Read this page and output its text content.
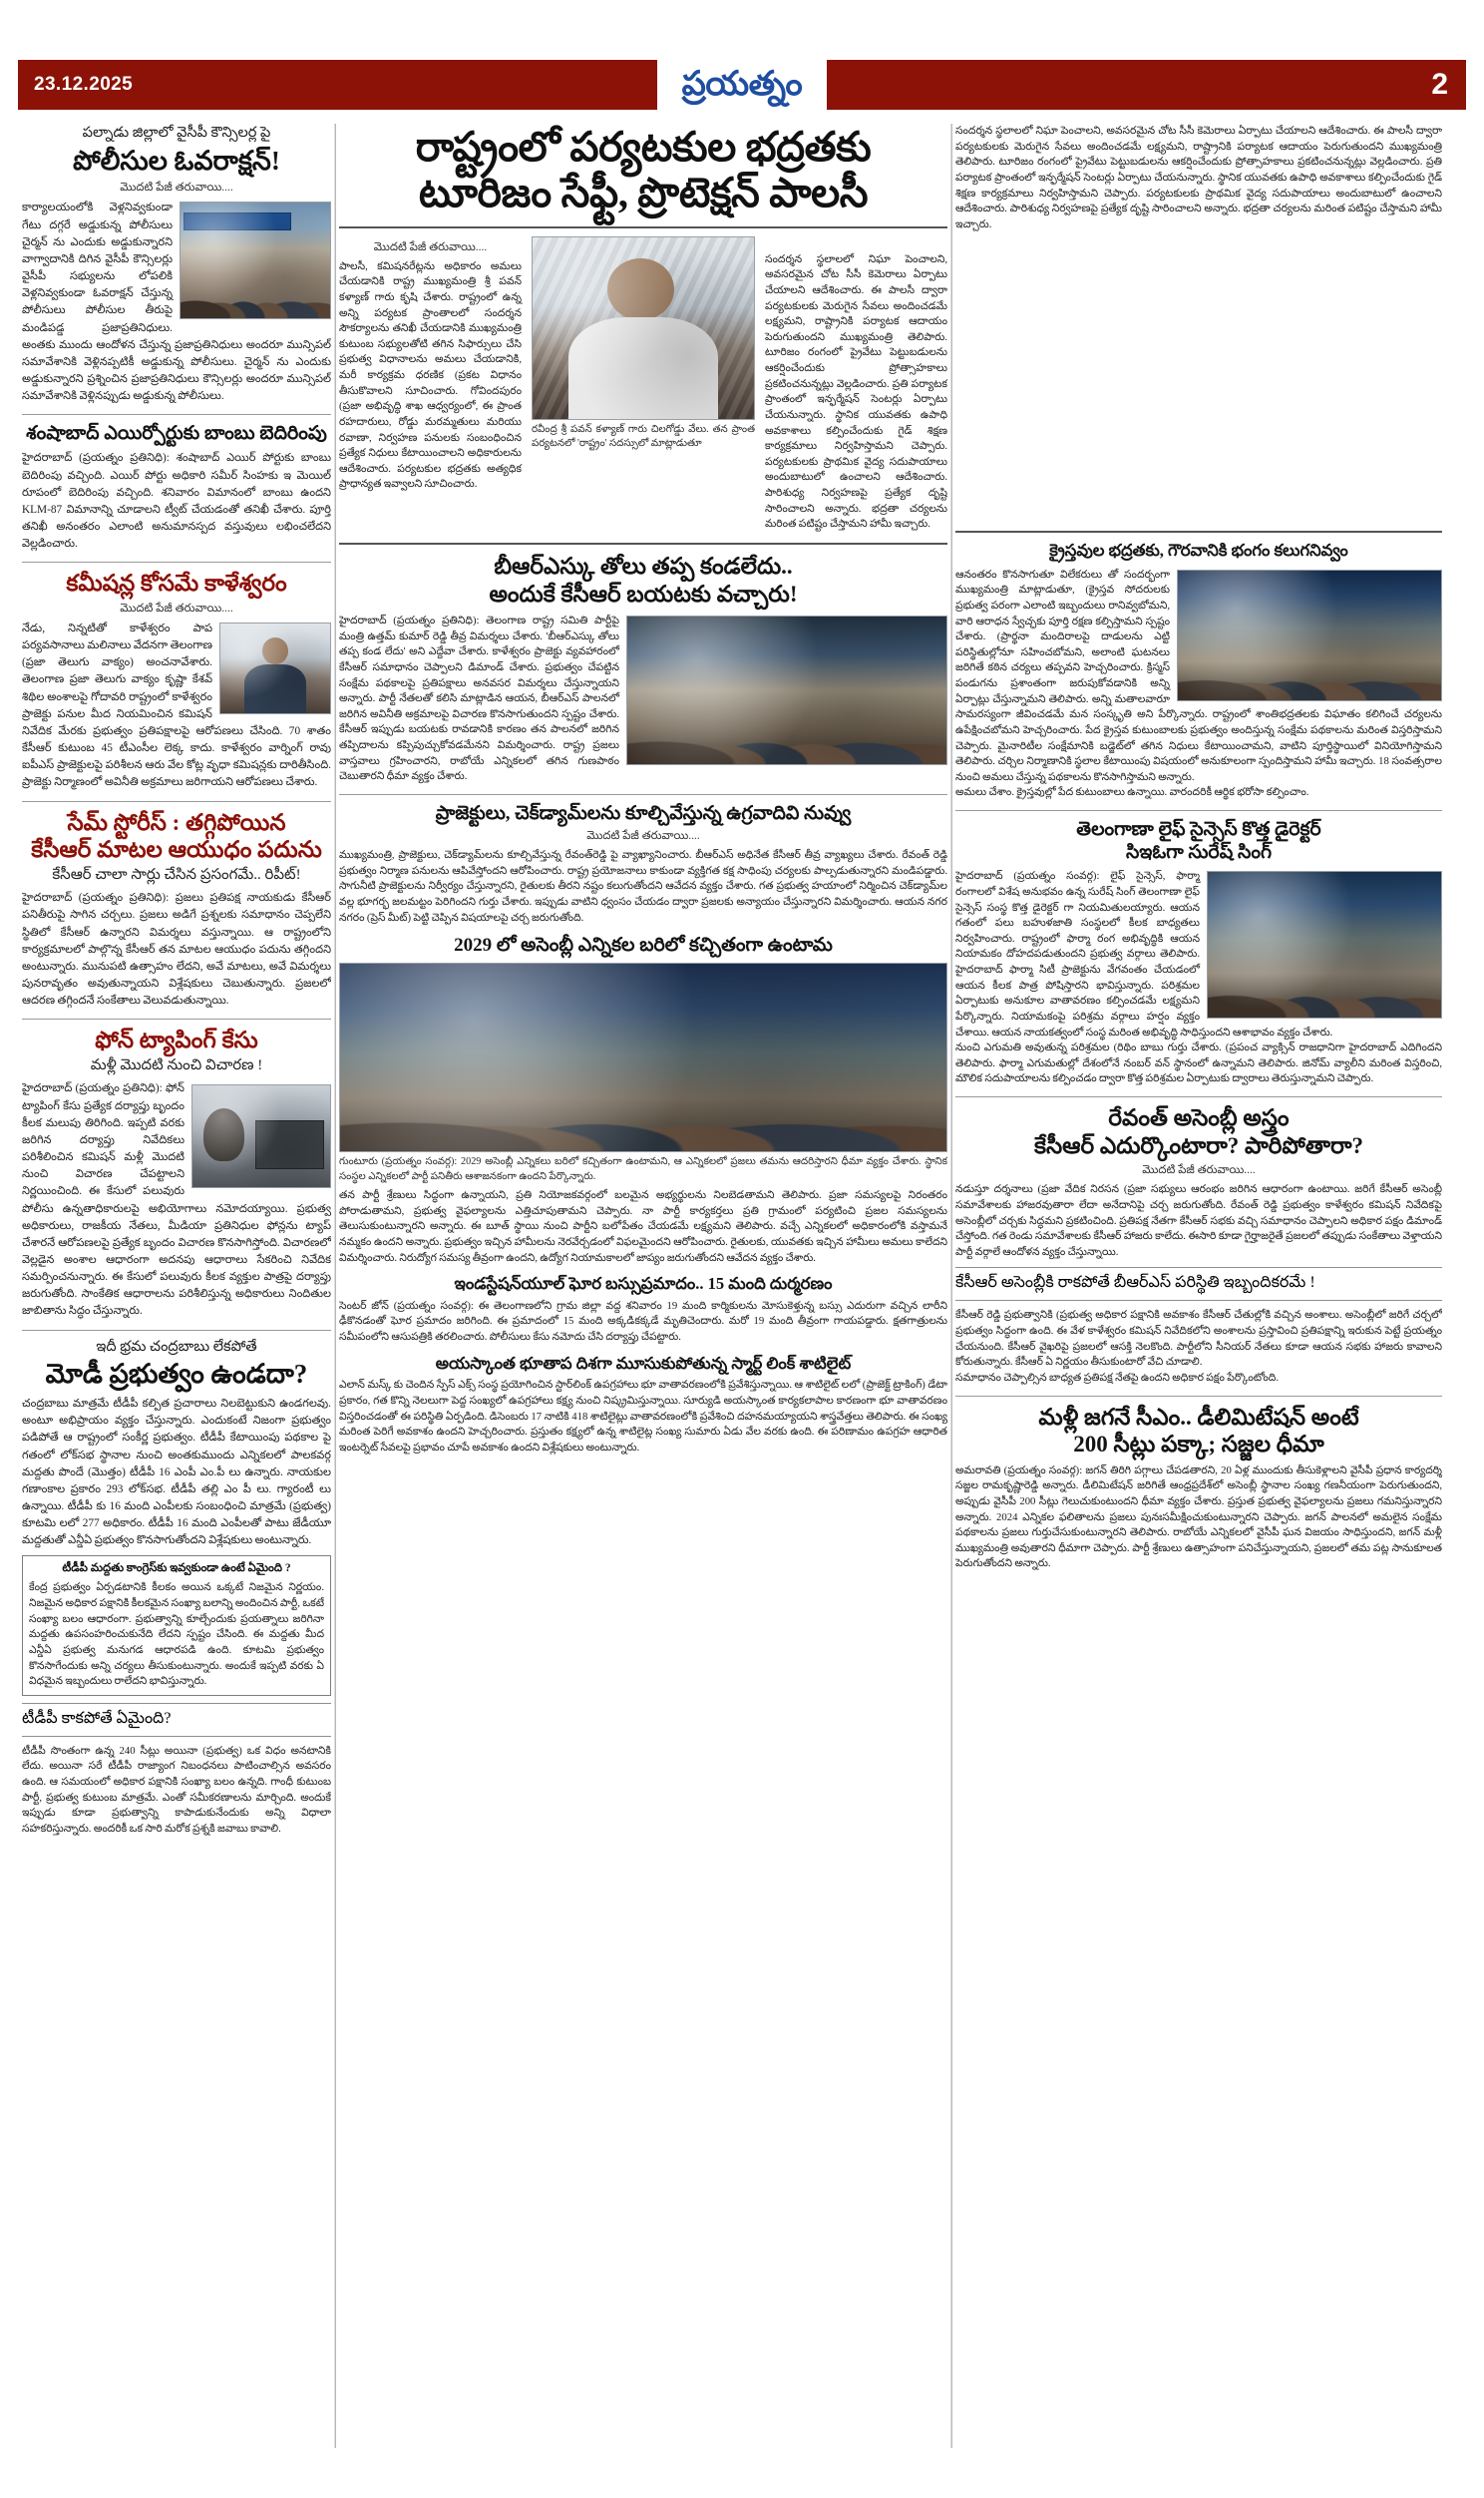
23.12.2025	ప్రయత్నం	2
పల్నాడు జిల్లాలో వైసీపీ కౌన్సిలర్ల పై
పోలీసుల ఓవరాక్షన్!
మొదటి పేజీ తరువాయి....
కార్యాలయంలోకి వెళ్లనివ్వకుండా గేటు దగ్గరే అడ్డుకున్న పోలీసులు చైర్మన్ ను ఎందుకు అడ్డుకున్నారని వాగ్వాదానికి దిగిన వైసీపీ కౌన్సిలర్లు వైసీపీ సభ్యులను లోపలికి వెళ్లనివ్వకుండా ఓవరాక్షన్ చేస్తున్న పోలీసులు పోలీసుల తీరుపై మండిపడ్డ ప్రజాప్రతినిధులు. అంతకు ముందు ఆందోళన చేస్తున్న ప్రజాప్రతినిధులు అందరూ మున్సిపల్ సమావేశానికి వెళ్లినప్పటికీ అడ్డుకున్న పోలీసులు. చైర్మన్ ను ఎందుకు అడ్డుకున్నారని ప్రశ్నించిన ప్రజాప్రతినిధులు కౌన్సిలర్లు అందరూ మున్సిపల్ సమావేశానికి వెళ్లినప్పుడు అడ్డుకున్న పోలీసులు.
శంషాబాద్ ఎయిర్పోర్టుకు బాంబు బెదిరింపు
హైదరాబాద్ (ప్రయత్నం ప్రతినిధి): శంషాబాద్ ఎయిర్ పోర్టుకు బాంబు బెదిరింపు వచ్చింది. ఎయిర్ పోర్టు అధికారి సమీర్ సింహకు ఇ మెయిల్ రూపంలో బెదిరింపు వచ్చింది. శనివారం విమానంలో బాంబు ఉందని KLM-87 విమానాన్ని చూడాలని ట్వీట్ చేయడంతో తనిఖీ చేశారు. పూర్తి తనిఖీ అనంతరం ఎలాంటి అనుమానస్పద వస్తువులు లభించలేదని వెల్లడించారు.
కమీషన్ల కోసమే కాళేశ్వరం
మొదటి పేజీ తరువాయి....
నేడు, నిన్నటితో కాళేశ్వరం పాప పర్యవసానాలు మలినాలు వేదనగా తెలంగాణ (ప్రజా తెలుగు వాక్యం) అంచనావేశారు. తెలంగాణ ప్రజా తెలుగు వాక్యం కృష్ణా కేశవ్ శిథిల అంశాలపై గోదావరి రాష్ట్రంలో కాళేశ్వరం ప్రాజెక్టు పనుల మీద నియమించిన కమిషన్ నివేదిక మేరకు ప్రభుత్వం ప్రతిపక్షాలపై ఆరోపణలు చేసింది. 70 శాతం కేసీఆర్ కుటుంబ 45 టీఎంసీల లెక్క కాదు. కాళేశ్వరం వార్నింగ్ రావు ఐపీఎస్ ప్రాజెక్టులపై పరిశీలన ఆరు వేల కోట్ల వృధా కమిషన్లకు దారితీసింది. ప్రాజెక్టు నిర్మాణంలో అవినీతి అక్రమాలు జరిగాయని ఆరోపణలు చేశారు.
సేమ్ స్టోరీస్ : తగ్గిపోయిన
కేసీఆర్ మాటల ఆయుధం పదును
కేసీఆర్ చాలా సార్లు చేసిన ప్రసంగమే.. రిపీట్!
హైదరాబాద్ (ప్రయత్నం ప్రతినిధి): ప్రజలు ప్రతిపక్ష నాయకుడు కేసీఆర్ పనితీరుపై సాగిన చర్చలు. ప్రజలు అడిగే ప్రశ్నలకు సమాధానం చెప్పలేని స్థితిలో కేసీఆర్ ఉన్నారని విమర్శలు వస్తున్నాయి. ఆ రాష్ట్రంలోని కార్యక్రమాలలో పాల్గొన్న కేసీఆర్ తన మాటల ఆయుధం పదును తగ్గిందని అంటున్నారు. మునుపటి ఉత్సాహం లేదని, అవే మాటలు, అవే విమర్శలు పునరావృతం అవుతున్నాయని విశ్లేషకులు చెబుతున్నారు. ప్రజలలో ఆదరణ తగ్గిందనే సంకేతాలు వెలువడుతున్నాయి.
ఫోన్ ట్యాపింగ్ కేసు
మళ్లీ మొదటి నుంచి విచారణ !
హైదరాబాద్ (ప్రయత్నం ప్రతినిధి): ఫోన్ ట్యాపింగ్ కేసు ప్రత్యేక దర్యాప్తు బృందం కీలక మలుపు తిరిగింది. ఇప్పటి వరకు జరిగిన దర్యాప్తు నివేదికలు పరిశీలించిన కమిషన్ మళ్లీ మొదటి నుంచి విచారణ చేపట్టాలని నిర్ణయించింది. ఈ కేసులో పలువురు పోలీసు ఉన్నతాధికారులపై అభియోగాలు నమోదయ్యాయి. ప్రభుత్వ అధికారులు, రాజకీయ నేతలు, మీడియా ప్రతినిధుల ఫోన్లను ట్యాప్ చేశారనే ఆరోపణలపై ప్రత్యేక బృందం విచారణ కొనసాగిస్తోంది. విచారణలో వెల్లడైన అంశాల ఆధారంగా అదనపు ఆధారాలు సేకరించి నివేదిక సమర్పించనున్నారు. ఈ కేసులో పలువురు కీలక వ్యక్తుల పాత్రపై దర్యాప్తు జరుగుతోంది. సాంకేతిక ఆధారాలను పరిశీలిస్తున్న అధికారులు నిందితుల జాబితాను సిద్ధం చేస్తున్నారు.
ఇదీ భ్రమ చంద్రబాబు లేకపోతే
మోడీ ప్రభుత్వం ఉండదా?
చంద్రబాబు మాత్రమే టీడీపీ కల్పిత ప్రచారాలు నిలబెట్టుకుని ఉండగలవు. అంటూ అభిప్రాయం వ్యక్తం చేస్తున్నారు. ఎందుకంటే నిజంగా ప్రభుత్వం పడిపోతే ఆ రాష్ట్రంలో సంకీర్ణ ప్రభుత్వం. టీడీపీ కేటాయింపు పథకాల పై గతంలో లోక్‌సభ స్థానాల నుంచి అంతకుముందు ఎన్నికలలో పాలకవర్గ మద్దతు పొందే (మొత్తం) టీడీపీ 16 ఎంపీ ఎం.పీ లు ఉన్నారు. నాయకుల గణాంకాల ప్రకారం 293 లోక్‌సభ. టీడీపీ తల్లి ఎం పీ లు. గ్యారంటీ లు ఉన్నాయి. టీడీపీ కు 16 మంది ఎంపీలకు సంబంధించి మాత్రమే (ప్రభుత్వ) కూటమి లలో 277 అధికారం. టీడీపీ 16 మంది ఎంపీలతో పాటు జేడీయూ మద్దతుతో ఎన్డీఏ ప్రభుత్వం కొనసాగుతోందని విశ్లేషకులు అంటున్నారు.
టీడీపీ మద్దతు కాంగ్రెస్‌కు ఇవ్వకుండా ఉంటే ఏమైంది ?
కేంద్ర ప్రభుత్వం ఏర్పడటానికి కీలకం అయిన ఒక్కటే నిజమైన నిర్ణయం. నిజమైన అధికార పక్షానికి కీలకమైన సంఖ్యా బలాన్ని అందించిన పార్టీ, ఒకటే సంఖ్యా బలం ఆధారంగా. ప్రభుత్వాన్ని కూల్చేందుకు ప్రయత్నాలు జరిగినా మద్దతు ఉపసంహరించుకునేది లేదని స్పష్టం చేసింది. ఈ మద్దతు మీద ఎన్డీఏ ప్రభుత్వ మనుగడ ఆధారపడి ఉంది. కూటమి ప్రభుత్వం కొనసాగేందుకు అన్ని చర్యలు తీసుకుంటున్నారు. అందుకే ఇప్పటి వరకు ఏ విధమైన ఇబ్బందులు రాలేదని భావిస్తున్నారు.
టీడీపీ కాకపోతే ఏమైంది?
టీడీపీ సొంతంగా ఉన్న 240 సీట్లు అయినా (ప్రభుత్వ) ఒక విధం అనటానికి లేదు. అయినా సరే టీడీపీ రాజ్యాంగ నిబంధనలు పాటించాల్సిన అవసరం ఉంది. ఆ సమయంలో అధికార పక్షానికి సంఖ్యా బలం ఉన్నది. గాంధీ కుటుంబ పార్టీ, ప్రభుత్వ కుటుంబ మాత్రమే. ఎంతో సమీకరణాలను మార్చింది. అందుకే ఇప్పుడు కూడా ప్రభుత్వాన్ని కాపాడుకునేందుకు అన్ని విధాలా సహకరిస్తున్నారు. అందరికీ ఒక సారి మరోక ప్రశ్నకి జవాబు కావాలి.
రాష్ట్రంలో పర్యటకుల భద్రతకు
టూరిజం సేఫ్టీ, ప్రొటెక్షన్ పాలసీ
మొదటి పేజీ తరువాయి....
పాలసీ, కమిషనరేట్లను అధికారం అమలు చేయడానికి రాష్ట్ర ముఖ్యమంత్రి శ్రీ పవన్ కళ్యాణ్ గారు కృషి చేశారు. రాష్ట్రంలో ఉన్న అన్ని పర్యటక ప్రాంతాలలో సందర్శన సౌకర్యాలను తనిఖీ చేయడానికి ముఖ్యమంత్రి కుటుంబ సభ్యులతోటి తగిన సిఫార్సులు చేసి ప్రభుత్వ విధానాలను అమలు చేయడానికి, మరీ కార్యక్రమ ధరణిక (ప్రకట విధానం తీసుకొవాలని సూచించారు. గోవిందపురం (ప్రజా అభివృద్ధి శాఖ ఆధ్వర్యంలో, ఈ ప్రాంత రహదారులు, రోడ్డు మరమ్మతులు మరియు రవాణా, నిర్వహణ పనులకు సంబంధించిన ప్రత్యేక నిధులు కేటాయించాలని అధికారులను ఆదేశించారు. పర్యటకుల భద్రతకు అత్యధిక ప్రాధాన్యత ఇవ్వాలని సూచించారు.
రవీంద్ర శ్రీ పవన్ కళ్యాణ్ గారు చిలగోడ్డు వేలు. తన ప్రాంత పర్యటనలో 'రాష్ట్రం' సదస్సులో మాట్లాడుతూ
సందర్శన స్థలాలలో నిఘా పెంచాలని, అవసరమైన చోట సీసీ కెమెరాలు ఏర్పాటు చేయాలని ఆదేశించారు. ఈ పాలసీ ద్వారా పర్యటకులకు మెరుగైన సేవలు అందించడమే లక్ష్యమని, రాష్ట్రానికి పర్యాటక ఆదాయం పెరుగుతుందని ముఖ్యమంత్రి తెలిపారు. టూరిజం రంగంలో ప్రైవేటు పెట్టుబడులను ఆకర్షించేందుకు ప్రోత్సాహకాలు ప్రకటించనున్నట్లు వెల్లడించారు. ప్రతి పర్యాటక ప్రాంతంలో ఇన్ఫర్మేషన్ సెంటర్లు ఏర్పాటు చేయనున్నారు. స్థానిక యువతకు ఉపాధి అవకాశాలు కల్పించేందుకు గైడ్ శిక్షణ కార్యక్రమాలు నిర్వహిస్తామని చెప్పారు. పర్యటకులకు ప్రాథమిక వైద్య సదుపాయాలు అందుబాటులో ఉంచాలని ఆదేశించారు. పారిశుధ్య నిర్వహణపై ప్రత్యేక దృష్టి సారించాలని అన్నారు. భద్రతా చర్యలను మరింత పటిష్టం చేస్తామని హామీ ఇచ్చారు.
బీఆర్ఎస్కు తోలు తప్ప కండలేదు..
అందుకే కేసీఆర్ బయటకు వచ్చారు!
హైదరాబాద్ (ప్రయత్నం ప్రతినిధి): తెలంగాణ రాష్ట్ర సమితి పార్టీపై మంత్రి ఉత్తమ్ కుమార్ రెడ్డి తీవ్ర విమర్శలు చేశారు. 'బీఆర్ఎస్కు తోలు తప్ప కండ లేదు' అని ఎద్దేవా చేశారు. కాళేశ్వరం ప్రాజెక్టు వ్యవహారంలో కేసీఆర్ సమాధానం చెప్పాలని డిమాండ్ చేశారు. ప్రభుత్వం చేపట్టిన సంక్షేమ పథకాలపై ప్రతిపక్షాలు అనవసర విమర్శలు చేస్తున్నాయని అన్నారు. పార్టీ నేతలతో కలిసి మాట్లాడిన ఆయన, బీఆర్ఎస్ పాలనలో జరిగిన అవినీతి అక్రమాలపై విచారణ కొనసాగుతుందని స్పష్టం చేశారు. కేసీఆర్ ఇప్పుడు బయటకు రావడానికి కారణం తన పాలనలో జరిగిన తప్పిదాలను కప్పిపుచ్చుకోవడమేనని విమర్శించారు. రాష్ట్ర ప్రజలు వాస్తవాలు గ్రహించారని, రాబోయే ఎన్నికలలో తగిన గుణపాఠం చెబుతారని ధీమా వ్యక్తం చేశారు.
ప్రాజెక్టులు, చెక్‌డ్యామ్‌లను కూల్చివేస్తున్న ఉగ్రవాదివి నువ్వు
మొదటి పేజీ తరువాయి....
ముఖ్యమంత్రి, ప్రాజెక్టులు, చెక్‌డ్యామ్‌లను కూల్చివేస్తున్న రేవంత్‌రెడ్డి పై వ్యాఖ్యానించారు. బీఆర్ఎస్ అధినేత కేసీఆర్ తీవ్ర వ్యాఖ్యలు చేశారు. రేవంత్ రెడ్డి ప్రభుత్వం నిర్మాణ పనులను ఆపివేస్తోందని ఆరోపించారు. రాష్ట్ర ప్రయోజనాలు కాకుండా వ్యక్తిగత కక్ష సాధింపు చర్యలకు పాల్పడుతున్నారని మండిపడ్డారు. సాగునీటి ప్రాజెక్టులను నిర్వీర్యం చేస్తున్నారని, రైతులకు తీరని నష్టం కలుగుతోందని ఆవేదన వ్యక్తం చేశారు. గత ప్రభుత్వ హయాంలో నిర్మించిన చెక్‌డ్యామ్‌ల వల్ల భూగర్భ జలమట్టం పెరిగిందని గుర్తు చేశారు. ఇప్పుడు వాటిని ధ్వంసం చేయడం ద్వారా ప్రజలకు అన్యాయం చేస్తున్నారని విమర్శించారు. ఆయన నగర నగరం (ప్రెస్ మీట్) పెట్టి చెప్పిన విషయాలపై చర్చ జరుగుతోంది.
2029 లో అసెంబ్లీ ఎన్నికల బరిలో కచ్చితంగా ఉంటామ
గుంటూరు (ప్రయత్నం సంవర్గ): 2029 అసెంబ్లీ ఎన్నికలు బరిలో కచ్చితంగా ఉంటామని, ఆ ఎన్నికలలో ప్రజలు తమను ఆదరిస్తారని ధీమా వ్యక్తం చేశారు. స్థానిక సంస్థల ఎన్నికలలో పార్టీ పనితీరు ఆశాజనకంగా ఉందని పేర్కొన్నారు.
తన పార్టీ శ్రేణులు సిద్ధంగా ఉన్నాయని, ప్రతి నియోజకవర్గంలో బలమైన అభ్యర్థులను నిలబెడతామని తెలిపారు. ప్రజా సమస్యలపై నిరంతరం పోరాడుతామని, ప్రభుత్వ వైఫల్యాలను ఎత్తిచూపుతామని చెప్పారు. నా పార్టీ కార్యకర్తలు ప్రతి గ్రామంలో పర్యటించి ప్రజల సమస్యలను తెలుసుకుంటున్నారని అన్నారు. ఈ బూత్ స్థాయి నుంచి పార్టీని బలోపేతం చేయడమే లక్ష్యమని తెలిపారు. వచ్చే ఎన్నికలలో అధికారంలోకి వస్తామనే నమ్మకం ఉందని అన్నారు. ప్రభుత్వం ఇచ్చిన హామీలను నెరవేర్చడంలో విఫలమైందని ఆరోపించారు. రైతులకు, యువతకు ఇచ్చిన హామీలు అమలు కాలేదని విమర్శించారు. నిరుద్యోగ సమస్య తీవ్రంగా ఉందని, ఉద్యోగ నియామకాలలో జాప్యం జరుగుతోందని ఆవేదన వ్యక్తం చేశారు.
ఇండస్టేషన్‌యూల్ ఘోర బస్సు‌ప్రమాదం.. 15 మంది దుర్మరణం
సెంటర్ జోన్ (ప్రయత్నం సంవర్గ): ఈ తెలంగాణలోని గ్రామ జిల్లా వద్ద శనివారం 19 మంది కార్మికులను మోసుకెళ్తున్న బస్సు ఎదురుగా వచ్చిన లారీని ఢీకొనడంతో ఘోర ప్రమాదం జరిగింది. ఈ ప్రమాదంలో 15 మంది అక్కడికక్కడే మృతిచెందారు. మరో 19 మంది తీవ్రంగా గాయపడ్డారు. క్షతగాత్రులను సమీపంలోని ఆసుపత్రికి తరలించారు. పోలీసులు కేసు నమోదు చేసి దర్యాప్తు చేపట్టారు.
అయస్కాంత భూతాప దిశగా మూసుకుపోతున్న స్మార్ట్ లింక్ శాటిలైట్
ఎలాన్ మస్క్ కు చెందిన స్పేస్ ఎక్స్ సంస్థ ప్రయోగించిన స్టార్‌లింక్ ఉపగ్రహాలు భూ వాతావరణంలోకి ప్రవేశిస్తున్నాయి. ఆ శాటిలైట్ లలో (ప్రాజెక్ట్ ట్రాకింగ్) డేటా ప్రకారం, గత కొన్ని నెలలుగా పెద్ద సంఖ్యలో ఉపగ్రహాలు కక్ష్య నుంచి నిష్క్రమిస్తున్నాయి. సూర్యుడి అయస్కాంత కార్యకలాపాల కారణంగా భూ వాతావరణం విస్తరించడంతో ఈ పరిస్థితి ఏర్పడింది. డిసెంబరు 17 నాటికి 418 శాటిలైట్లు వాతావరణంలోకి ప్రవేశించి దహనమయ్యాయని శాస్త్రవేత్తలు తెలిపారు. ఈ సంఖ్య మరింత పెరిగే అవకాశం ఉందని హెచ్చరించారు. ప్రస్తుతం కక్ష్యలో ఉన్న శాటిలైట్ల సంఖ్య సుమారు ఏడు వేల వరకు ఉంది. ఈ పరిణామం ఉపగ్రహ ఆధారిత ఇంటర్నెట్ సేవలపై ప్రభావం చూపే అవకాశం ఉందని విశ్లేషకులు అంటున్నారు.
సందర్శన స్థలాలలో నిఘా పెంచాలని, అవసరమైన చోట సీసీ కెమెరాలు ఏర్పాటు చేయాలని ఆదేశించారు. ఈ పాలసీ ద్వారా పర్యటకులకు మెరుగైన సేవలు అందించడమే లక్ష్యమని, రాష్ట్రానికి పర్యాటక ఆదాయం పెరుగుతుందని ముఖ్యమంత్రి తెలిపారు. టూరిజం రంగంలో ప్రైవేటు పెట్టుబడులను ఆకర్షించేందుకు ప్రోత్సాహకాలు ప్రకటించనున్నట్లు వెల్లడించారు. ప్రతి పర్యాటక ప్రాంతంలో ఇన్ఫర్మేషన్ సెంటర్లు ఏర్పాటు చేయనున్నారు. స్థానిక యువతకు ఉపాధి అవకాశాలు కల్పించేందుకు గైడ్ శిక్షణ కార్యక్రమాలు నిర్వహిస్తామని చెప్పారు. పర్యటకులకు ప్రాథమిక వైద్య సదుపాయాలు అందుబాటులో ఉంచాలని ఆదేశించారు. పారిశుధ్య నిర్వహణపై ప్రత్యేక దృష్టి సారించాలని అన్నారు. భద్రతా చర్యలను మరింత పటిష్టం చేస్తామని హామీ ఇచ్చారు.
క్రైస్తవుల భద్రతకు, గౌరవానికి భంగం కలుగనివ్వం
ఆనంతరం కొనసాగుతూ విలేకరులు తో సందర్భంగా ముఖ్యమంత్రి మాట్లాడుతూ, (క్రైస్తవ సోదరులకు ప్రభుత్వ పరంగా ఎలాంటి ఇబ్బందులు రానివ్వబోమని, వారి ఆరాధన స్వేచ్ఛకు పూర్తి రక్షణ కల్పిస్తామని స్పష్టం చేశారు. (ప్రార్థనా మందిరాలపై దాడులను ఎట్టి పరిస్థితుల్లోనూ సహించబోమని, అలాంటి ఘటనలు జరిగితే కఠిన చర్యలు తప్పవని హెచ్చరించారు. క్రిస్మస్ పండుగను ప్రశాంతంగా జరుపుకోవడానికి అన్ని ఏర్పాట్లు చేస్తున్నామని తెలిపారు. అన్ని మతాలవారూ సామరస్యంగా జీవించడమే మన సంస్కృతి అని పేర్కొన్నారు. రాష్ట్రంలో శాంతిభద్రతలకు విఘాతం కలిగించే చర్యలను ఉపేక్షించబోమని హెచ్చరించారు. పేద క్రైస్తవ కుటుంబాలకు ప్రభుత్వం అందిస్తున్న సంక్షేమ పథకాలను మరింత విస్తరిస్తామని చెప్పారు. మైనారిటీల సంక్షేమానికి బడ్జెట్‌లో తగిన నిధులు కేటాయించామని, వాటిని పూర్తిస్థాయిలో వినియోగిస్తామని తెలిపారు. చర్చిల నిర్మాణానికి స్థలాల కేటాయింపు విషయంలో అనుకూలంగా స్పందిస్తామని హామీ ఇచ్చారు. 18 సంవత్సరాల నుంచి అమలు చేస్తున్న పథకాలను కొనసాగిస్తామని అన్నారు.
అమలు చేశాం. క్రైస్తవుల్లో పేద కుటుంబాలు ఉన్నాయి. వారందరికీ ఆర్థిక భరోసా కల్పించాం.
తెలంగాణా లైఫ్ సైన్సెస్ కొత్త డైరెక్టర్
సిఇఓగా సురేష్ సింగ్
హైదరాబాద్ (ప్రయత్నం సంవర్గ): లైఫ్ సైన్సెస్, ఫార్మా రంగాలలో విశేష అనుభవం ఉన్న సురేష్ సింగ్ తెలంగాణా లైఫ్ సైన్సెస్ సంస్థ కొత్త డైరెక్టర్ గా నియమితులయ్యారు. ఆయన గతంలో పలు బహుళజాతి సంస్థలలో కీలక బాధ్యతలు నిర్వహించారు. రాష్ట్రంలో ఫార్మా రంగ అభివృద్ధికి ఆయన నియామకం దోహదపడుతుందని ప్రభుత్వ వర్గాలు తెలిపారు. హైదరాబాద్ ఫార్మా సిటీ ప్రాజెక్టును వేగవంతం చేయడంలో ఆయన కీలక పాత్ర పోషిస్తారని భావిస్తున్నారు. పరిశ్రమల ఏర్పాటుకు అనుకూల వాతావరణం కల్పించడమే లక్ష్యమని పేర్కొన్నారు. నియామకంపై పరిశ్రమ వర్గాలు హర్షం వ్యక్తం చేశాయి. ఆయన నాయకత్వంలో సంస్థ మరింత అభివృద్ధి సాధిస్తుందని ఆశాభావం వ్యక్తం చేశారు.
నుంచి ఎగుమతి అవుతున్న పరిశ్రమల (రిథిం బాబు గుర్తు చేశారు. (ప్రపంచ వ్యాక్సిన్ రాజధానిగా హైదరాబాద్ ఎదిగిందని తెలిపారు. ఫార్మా ఎగుమతుల్లో దేశంలోనే నంబర్ వన్ స్థానంలో ఉన్నామని తెలిపారు. జినోమ్ వ్యాలీని మరింత విస్తరించి, మౌలిక సదుపాయాలను కల్పించడం ద్వారా కొత్త పరిశ్రమల ఏర్పాటుకు ద్వారాలు తెరుస్తున్నామని చెప్పారు.
రేవంత్ అసెంబ్లీ అస్త్రం
కేసీఆర్ ఎదుర్కొంటారా? పారిపోతారా?
మొదటి పేజీ తరువాయి....
నడుస్తూ దర్శనాలు (ప్రజా వేదిక నిరసన (ప్రజా సభ్యులు ఆరంభం జరిగిన ఆధారంగా ఉంటాయి. జరిగే కేసీఆర్ అసెంబ్లీ సమావేశాలకు హాజరవుతారా లేదా అనేదానిపై చర్చ జరుగుతోంది. రేవంత్ రెడ్డి ప్రభుత్వం కాళేశ్వరం కమిషన్ నివేదికపై అసెంబ్లీలో చర్చకు సిద్ధమని ప్రకటించింది. ప్రతిపక్ష నేతగా కేసీఆర్ సభకు వచ్చి సమాధానం చెప్పాలని అధికార పక్షం డిమాండ్ చేస్తోంది. గత రెండు సమావేశాలకు కేసీఆర్ హాజరు కాలేదు. ఈసారి కూడా గైర్హాజరైతే ప్రజలలో తప్పుడు సంకేతాలు వెళ్తాయని పార్టీ వర్గాలే ఆందోళన వ్యక్తం చేస్తున్నాయి.
కేసీఆర్ అసెంబ్లీకి రాకపోతే బీఆర్ఎస్ పరిస్థితి ఇబ్బందికరమే !
కేసీఆర్ రెడ్డి ప్రభుత్వానికి (ప్రభుత్వ అధికార పక్షానికి అవకాశం కేసీఆర్ చేతుల్లోకి వచ్చిన అంశాలు. అసెంబ్లీలో జరిగే చర్చలో ప్రభుత్వం సిద్ధంగా ఉంది. ఈ వేళ కాళేశ్వరం కమిషన్ నివేదికలోని అంశాలను ప్రస్తావించి ప్రతిపక్షాన్ని ఇరుకున పెట్టే ప్రయత్నం చేయనుంది. కేసీఆర్ వైఖరిపై ప్రజలలో ఆసక్తి నెలకొంది. పార్టీలోని సీనియర్ నేతలు కూడా ఆయన సభకు హాజరు కావాలని కోరుతున్నారు. కేసీఆర్ ఏ నిర్ణయం తీసుకుంటారో వేచి చూడాలి.
సమాధానం చెప్పాల్సిన బాధ్యత ప్రతిపక్ష నేతపై ఉందని అధికార పక్షం పేర్కొంటోంది.
మళ్లీ జగనే సీఎం.. డీలిమిటేషన్ అంటే
200 సీట్లు పక్కా; సజ్జల ధీమా
అమరావతి (ప్రయత్నం సంవర్గ): జగన్ తిరిగి పగ్గాలు చేపడతారని, 20 ఏళ్ల ముందుకు తీసుకెళ్లాలని వైసీపీ ప్రధాన కార్యదర్శి సజ్జల రామకృష్ణారెడ్డి అన్నారు. డీలిమిటేషన్ జరిగితే ఆంధ్రప్రదేశ్‌లో అసెంబ్లీ స్థానాల సంఖ్య గణనీయంగా పెరుగుతుందని, అప్పుడు వైసీపీ 200 సీట్లు గెలుచుకుంటుందని ధీమా వ్యక్తం చేశారు. ప్రస్తుత ప్రభుత్వ వైఫల్యాలను ప్రజలు గమనిస్తున్నారని అన్నారు. 2024 ఎన్నికల ఫలితాలను ప్రజలు పునఃసమీక్షించుకుంటున్నారని చెప్పారు. జగన్ పాలనలో అమలైన సంక్షేమ పథకాలను ప్రజలు గుర్తుచేసుకుంటున్నారని తెలిపారు. రాబోయే ఎన్నికలలో వైసీపీ ఘన విజయం సాధిస్తుందని, జగన్ మళ్లీ ముఖ్యమంత్రి అవుతారని ధీమాగా చెప్పారు. పార్టీ శ్రేణులు ఉత్సాహంగా పనిచేస్తున్నాయని, ప్రజలలో తమ పట్ల సానుకూలత పెరుగుతోందని అన్నారు.
